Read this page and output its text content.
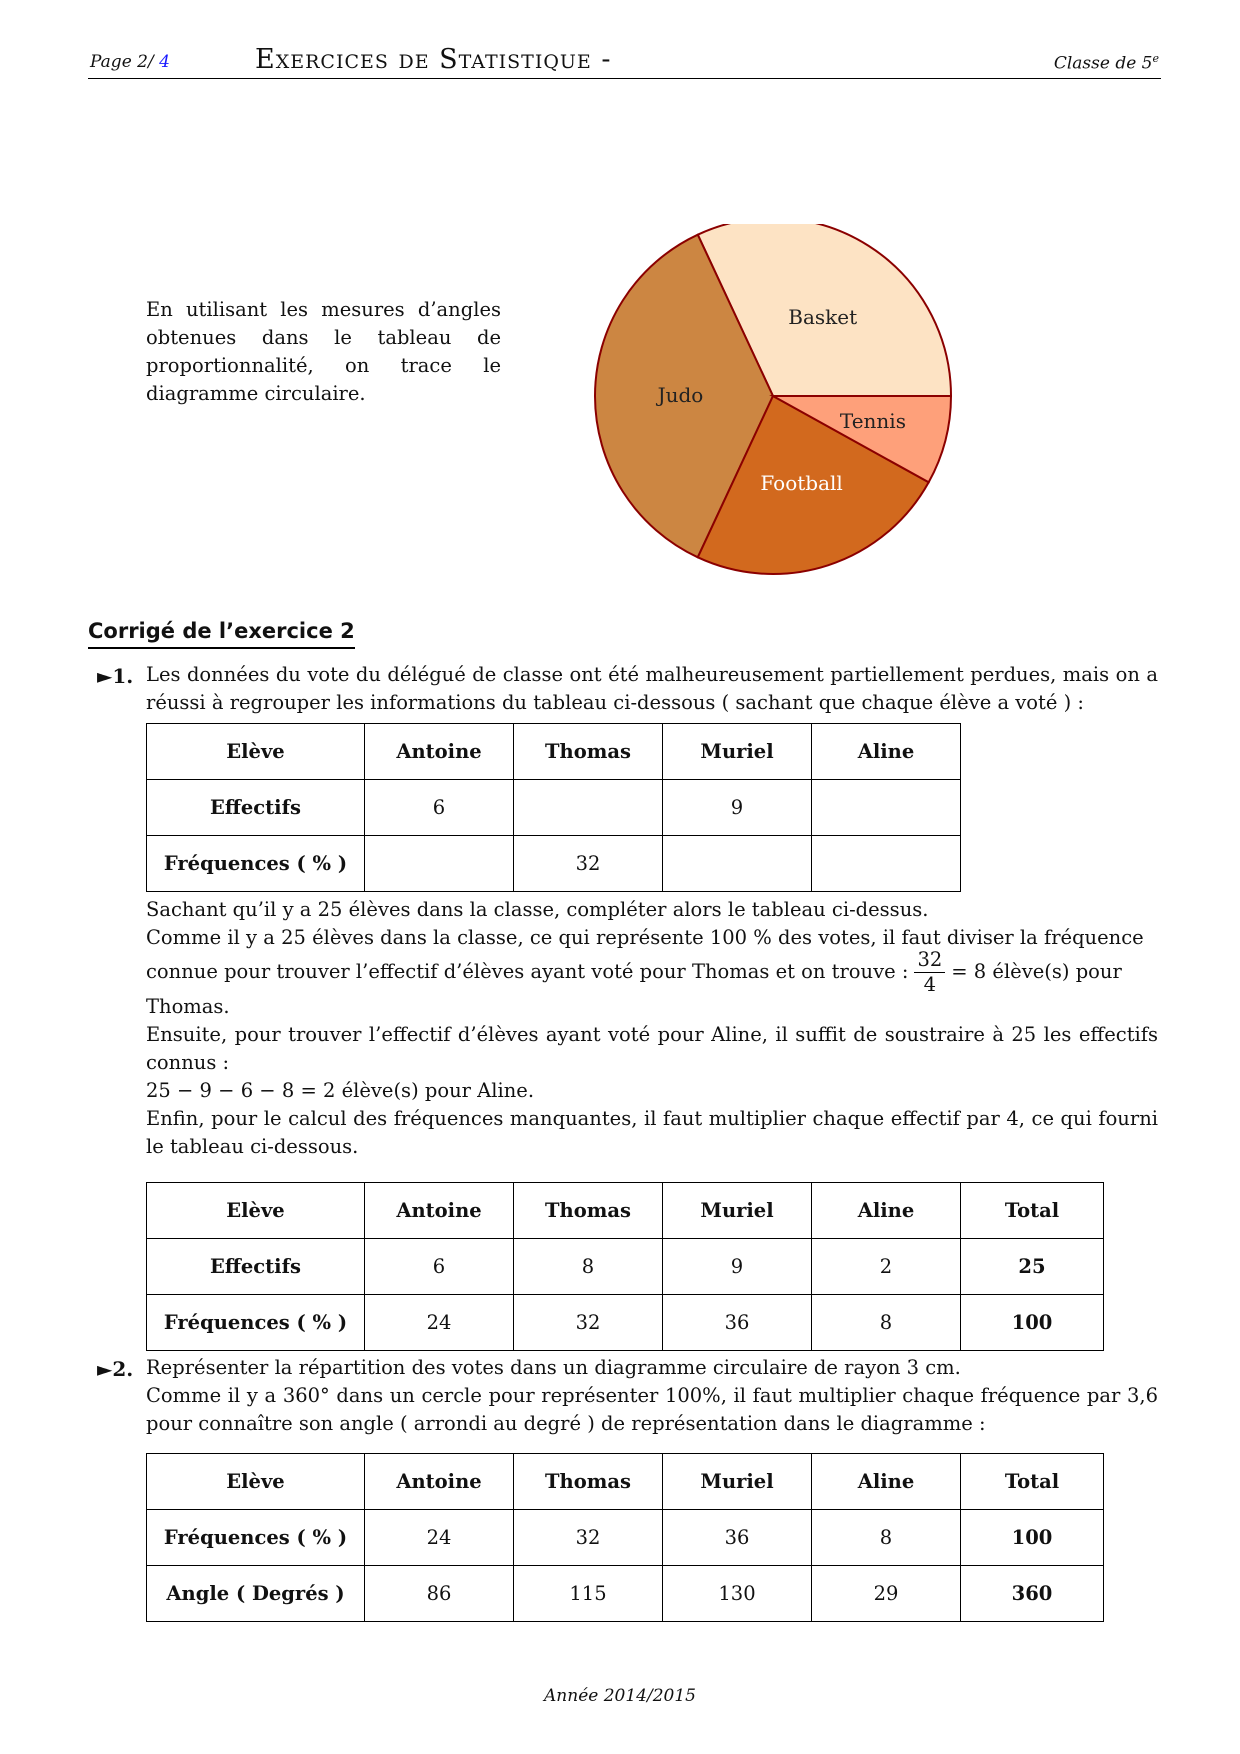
Page 2/ 4	Exercices de Statistique -	Classe de 5e
En utilisant les mesures d’angles obtenues dans le tableau de proportionnalité, on trace le diagramme circulaire.
Basket
Judo
Football
Tennis
Corrigé de l’exercice 2
►1. Les données du vote du délégué de classe ont été malheureusement partiellement perdues, mais on a réussi à regrouper les informations du tableau ci-dessous ( sachant que chaque élève a voté ) :

Elève	Antoine	Thomas	Muriel	Aline
Effectifs	6		9	
Fréquences ( % )		32		

Sachant qu’il y a 25 élèves dans la classe, compléter alors le tableau ci-dessus.

Comme il y a 25 élèves dans la classe, ce qui représente 100 % des votes, il faut diviser la fréquence

connue pour trouver l’effectif d’élèves ayant voté pour Thomas et on trouve : $\frac{32}{4} = 8$ élève(s) pour

Thomas.

Ensuite, pour trouver l’effectif d’élèves ayant voté pour Aline, il suffit de soustraire à 25 les effectifs connus :

25 − 9 − 6 − 8 = 2 élève(s) pour Aline.

Enfin, pour le calcul des fréquences manquantes, il faut multiplier chaque effectif par 4, ce qui fourni le tableau ci-dessous.

Elève	Antoine	Thomas	Muriel	Aline	Total
Effectifs	6	8	9	2	25
Fréquences ( % )	24	32	36	8	100
►2. Représenter la répartition des votes dans un diagramme circulaire de rayon 3 cm.

Comme il y a 360° dans un cercle pour représenter 100%, il faut multiplier chaque fréquence par 3,6 pour connaître son angle ( arrondi au degré ) de représentation dans le diagramme :

Elève	Antoine	Thomas	Muriel	Aline	Total
Fréquences ( % )	24	32	36	8	100
Angle ( Degrés )	86	115	130	29	360
Année 2014/2015
